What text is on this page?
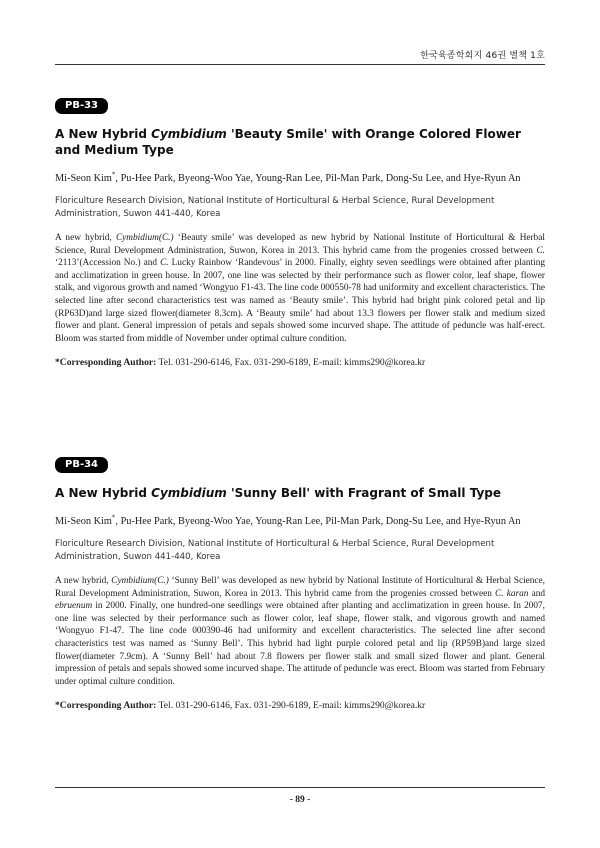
한국육종학회지 46권 별책 1호
PB-33
A New Hybrid Cymbidium 'Beauty Smile' with Orange Colored Flower and Medium Type
Mi-Seon Kim*, Pu-Hee Park, Byeong-Woo Yae, Young-Ran Lee, Pil-Man Park, Dong-Su Lee, and Hye-Ryun An
Floriculture Research Division, National Institute of Horticultural & Herbal Science, Rural Development Administration, Suwon 441-440, Korea
A new hybrid, Cymbidium(C.) ‘Beauty smile’ was developed as new hybrid by National Institute of Horticultural & Herbal Science, Rural Development Administration, Suwon, Korea in 2013. This hybrid came from the progenies crossed between C. ‘2113’(Accession No.) and C. Lucky Rainbow ‘Randevous’ in 2000. Finally, eighty seven seedlings were obtained after planting and acclimatization in green house. In 2007, one line was selected by their performance such as flower color, leaf shape, flower stalk, and vigorous growth and named ‘Wongyuo F1-43. The line code 000550-78 had uniformity and excellent characteristics. The selected line after second characteristics test was named as ‘Beauty smile’. This hybrid had bright pink colored petal and lip (RP63D)and large sized flower(diameter 8.3cm). A ‘Beauty smile’ had about 13.3 flowers per flower stalk and medium sized flower and plant. General impression of petals and sepals showed some incurved shape. The attitude of peduncle was half-erect. Bloom was started from middle of November under optimal culture condition.
*Corresponding Author: Tel. 031-290-6146, Fax. 031-290-6189, E-mail: kimms290@korea.kr
PB-34
A New Hybrid Cymbidium 'Sunny Bell' with Fragrant of Small Type
Mi-Seon Kim*, Pu-Hee Park, Byeong-Woo Yae, Young-Ran Lee, Pil-Man Park, Dong-Su Lee, and Hye-Ryun An
Floriculture Research Division, National Institute of Horticultural & Herbal Science, Rural Development Administration, Suwon 441-440, Korea
A new hybrid, Cymbidium(C.) ‘Sunny Bell’ was developed as new hybrid by National Institute of Horticultural & Herbal Science, Rural Development Administration, Suwon, Korea in 2013. This hybrid came from the progenies crossed between C. karan and ebruenum in 2000. Finally, one hundred-one seedlings were obtained after planting and acclimatization in green house. In 2007, one line was selected by their performance such as flower color, leaf shape, flower stalk, and vigorous growth and named ‘Wongyuo F1-47. The line code 000390-46 had uniformity and excellent characteristics. The selected line after second characteristics test was named as ‘Sunny Bell’. This hybrid had light purple colored petal and lip (RP59B)and large sized flower(diameter 7.9cm). A ‘Sunny Bell’ had about 7.8 flowers per flower stalk and small sized flower and plant. General impression of petals and sepals showed some incurved shape. The attitude of peduncle was erect. Bloom was started from February under optimal culture condition.
*Corresponding Author: Tel. 031-290-6146, Fax. 031-290-6189, E-mail: kimms290@korea.kr
- 89 -
